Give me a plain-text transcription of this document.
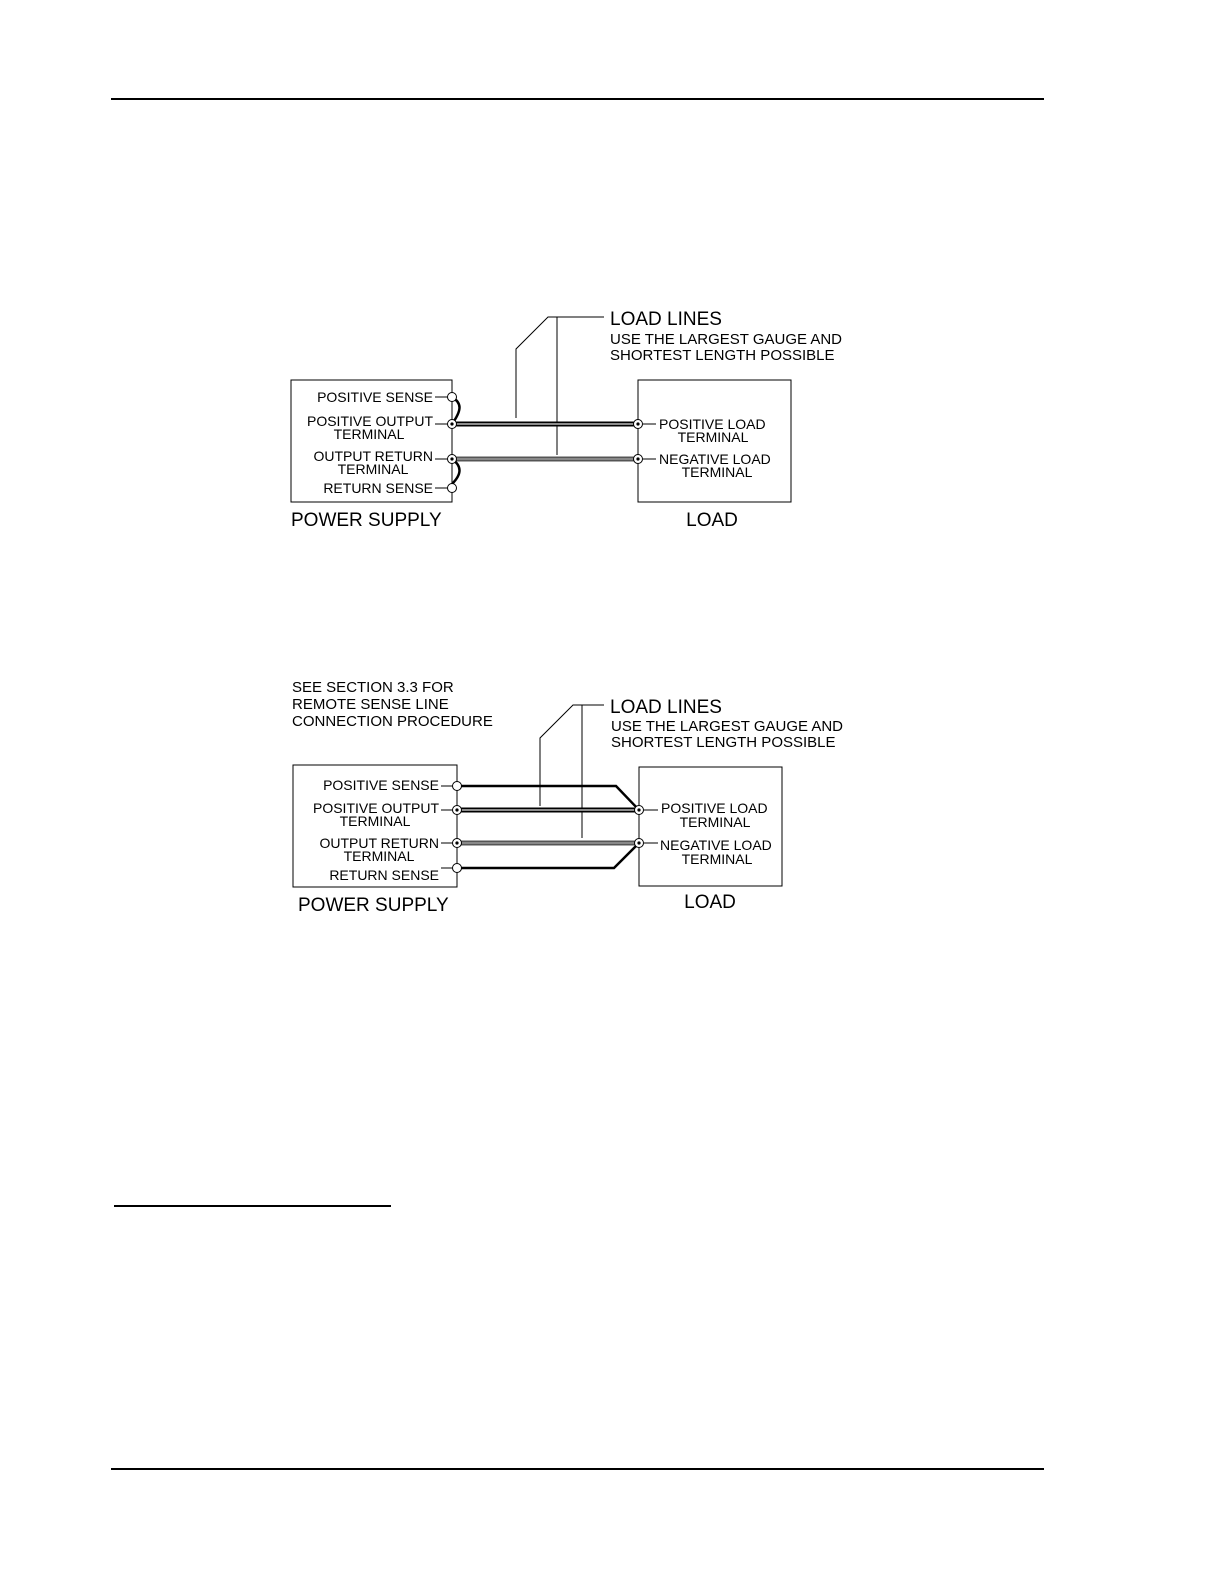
LOAD LINES
USE THE LARGEST GAUGE AND
SHORTEST LENGTH POSSIBLE
POSITIVE SENSE
POSITIVE OUTPUT
TERMINAL
OUTPUT RETURN
TERMINAL
RETURN SENSE
POSITIVE LOAD
TERMINAL
NEGATIVE LOAD
TERMINAL
POWER SUPPLY	LOAD
SEE SECTION 3.3 FOR
REMOTE SENSE LINE
CONNECTION PROCEDURE
LOAD LINES
USE THE LARGEST GAUGE AND
SHORTEST LENGTH POSSIBLE
POSITIVE SENSE
POSITIVE OUTPUT
TERMINAL
OUTPUT RETURN
TERMINAL
RETURN SENSE
POSITIVE LOAD
TERMINAL
NEGATIVE LOAD
TERMINAL
POWER SUPPLY	LOAD
